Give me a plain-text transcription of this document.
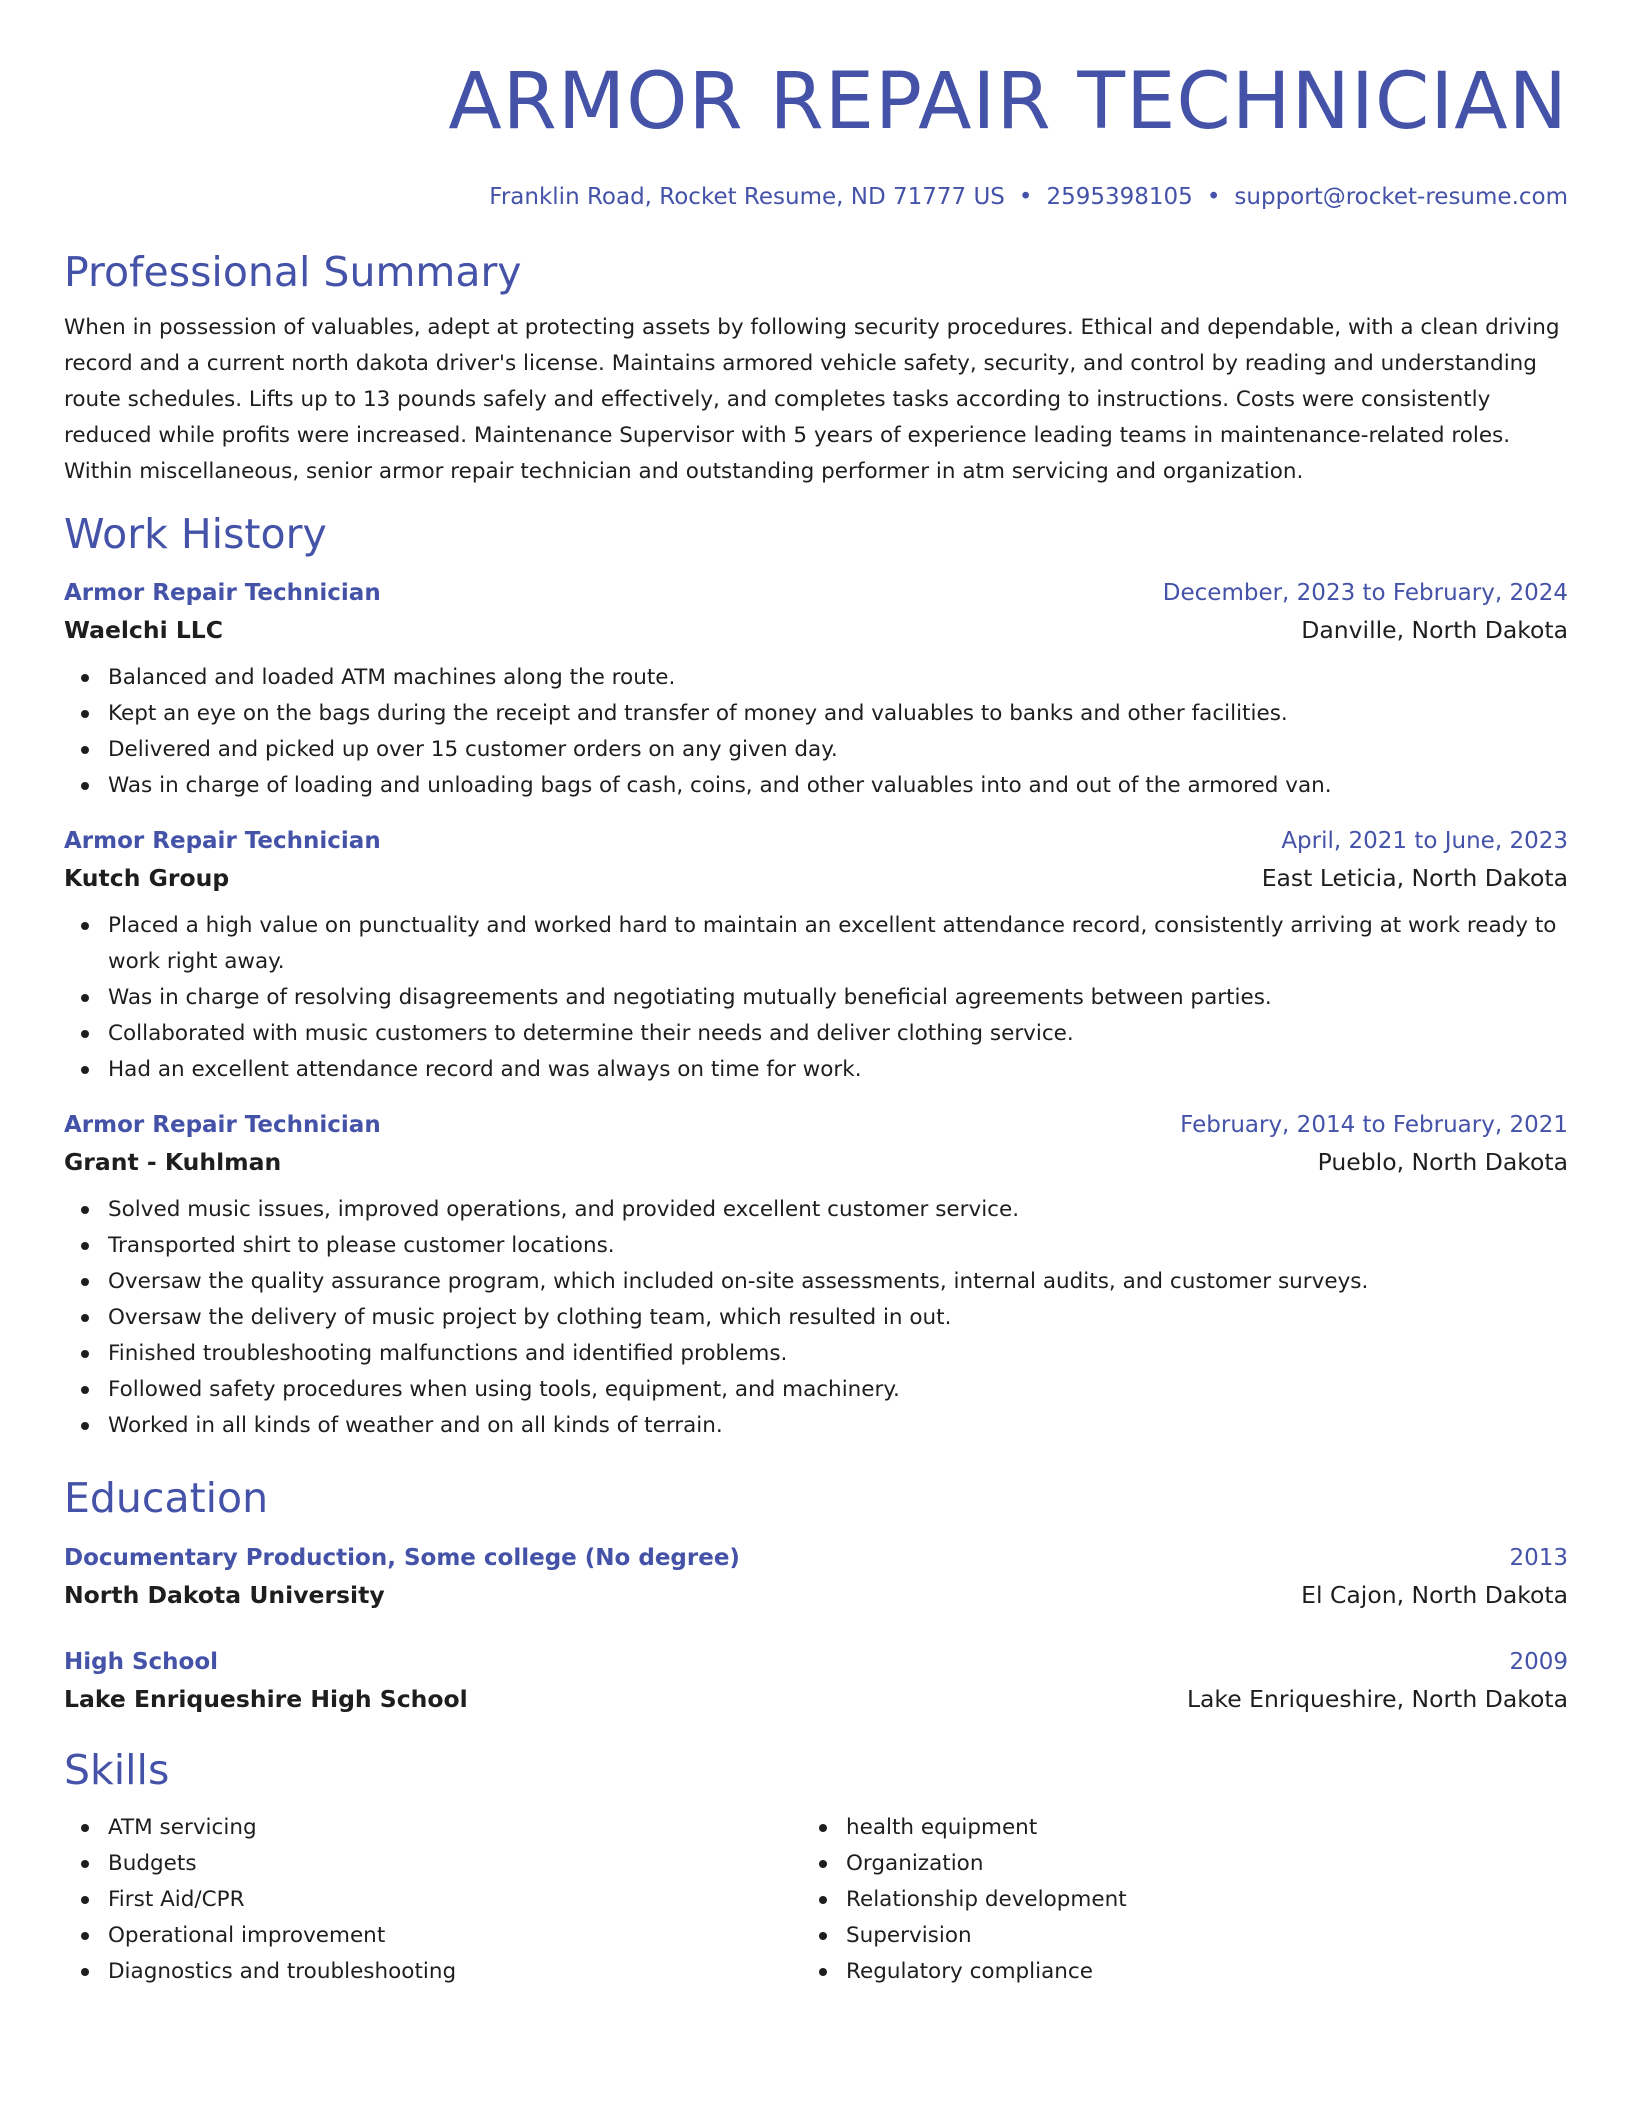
ARMOR REPAIR TECHNICIAN
Franklin Road, Rocket Resume, ND 71777 US • 2595398105 • support@rocket-resume.com
Professional Summary
When in possession of valuables, adept at protecting assets by following security procedures. Ethical and dependable, with a clean driving record and a current north dakota driver's license. Maintains armored vehicle safety, security, and control by reading and understanding route schedules. Lifts up to 13 pounds safely and effectively, and completes tasks according to instructions. Costs were consistently reduced while profits were increased. Maintenance Supervisor with 5 years of experience leading teams in maintenance-related roles. Within miscellaneous, senior armor repair technician and outstanding performer in atm servicing and organization.
Work History
Armor Repair Technician	December, 2023 to February, 2024
Waelchi LLC	Danville, North Dakota
Balanced and loaded ATM machines along the route.
Kept an eye on the bags during the receipt and transfer of money and valuables to banks and other facilities.
Delivered and picked up over 15 customer orders on any given day.
Was in charge of loading and unloading bags of cash, coins, and other valuables into and out of the armored van.
Armor Repair Technician	April, 2021 to June, 2023
Kutch Group	East Leticia, North Dakota
Placed a high value on punctuality and worked hard to maintain an excellent attendance record, consistently arriving at work ready to work right away.
Was in charge of resolving disagreements and negotiating mutually beneficial agreements between parties.
Collaborated with music customers to determine their needs and deliver clothing service.
Had an excellent attendance record and was always on time for work.
Armor Repair Technician	February, 2014 to February, 2021
Grant - Kuhlman	Pueblo, North Dakota
Solved music issues, improved operations, and provided excellent customer service.
Transported shirt to please customer locations.
Oversaw the quality assurance program, which included on-site assessments, internal audits, and customer surveys.
Oversaw the delivery of music project by clothing team, which resulted in out.
Finished troubleshooting malfunctions and identified problems.
Followed safety procedures when using tools, equipment, and machinery.
Worked in all kinds of weather and on all kinds of terrain.
Education
Documentary Production, Some college (No degree)	2013
North Dakota University	El Cajon, North Dakota
High School	2009
Lake Enriqueshire High School	Lake Enriqueshire, North Dakota
Skills
ATM servicing
Budgets
First Aid/CPR
Operational improvement
Diagnostics and troubleshooting
health equipment
Organization
Relationship development
Supervision
Regulatory compliance
